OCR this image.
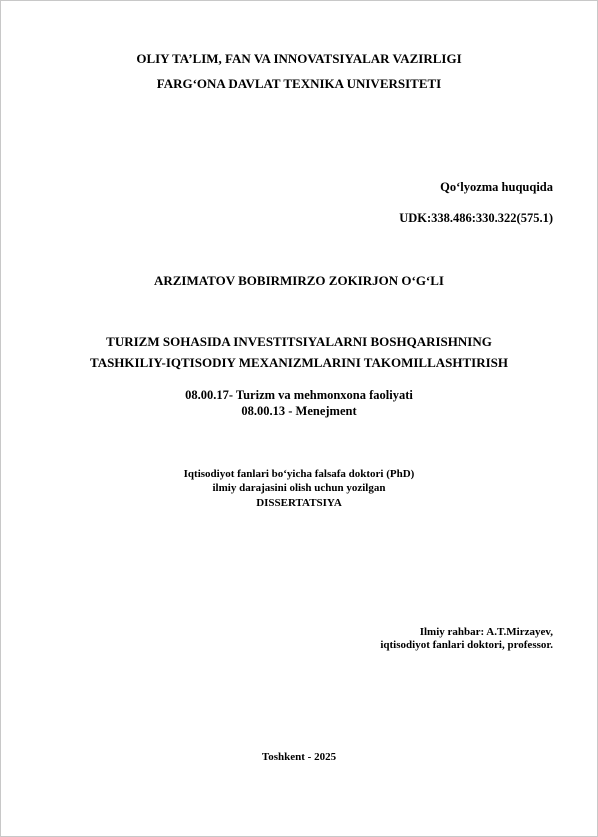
OLIY TA’LIM, FAN VA INNOVATSIYALAR VAZIRLIGI
FARG‘ONA DAVLAT TEXNIKA UNIVERSITETI
Qo‘lyozma huquqida
UDK:338.486:330.322(575.1)
ARZIMATOV BOBIRMIRZO ZOKIRJON O‘G‘LI
TURIZM SOHASIDA INVESTITSIYALARNI BOSHQARISHNING
TASHKILIY-IQTISODIY MEXANIZMLARINI TAKOMILLASHTIRISH
08.00.17- Turizm va mehmonxona faoliyati
08.00.13 - Menejment
Iqtisodiyot fanlari bo‘yicha falsafa doktori (PhD)
ilmiy darajasini olish uchun yozilgan
DISSERTATSIYA
Ilmiy rahbar: A.T.Mirzayev,
iqtisodiyot fanlari doktori, professor.
Toshkent - 2025
